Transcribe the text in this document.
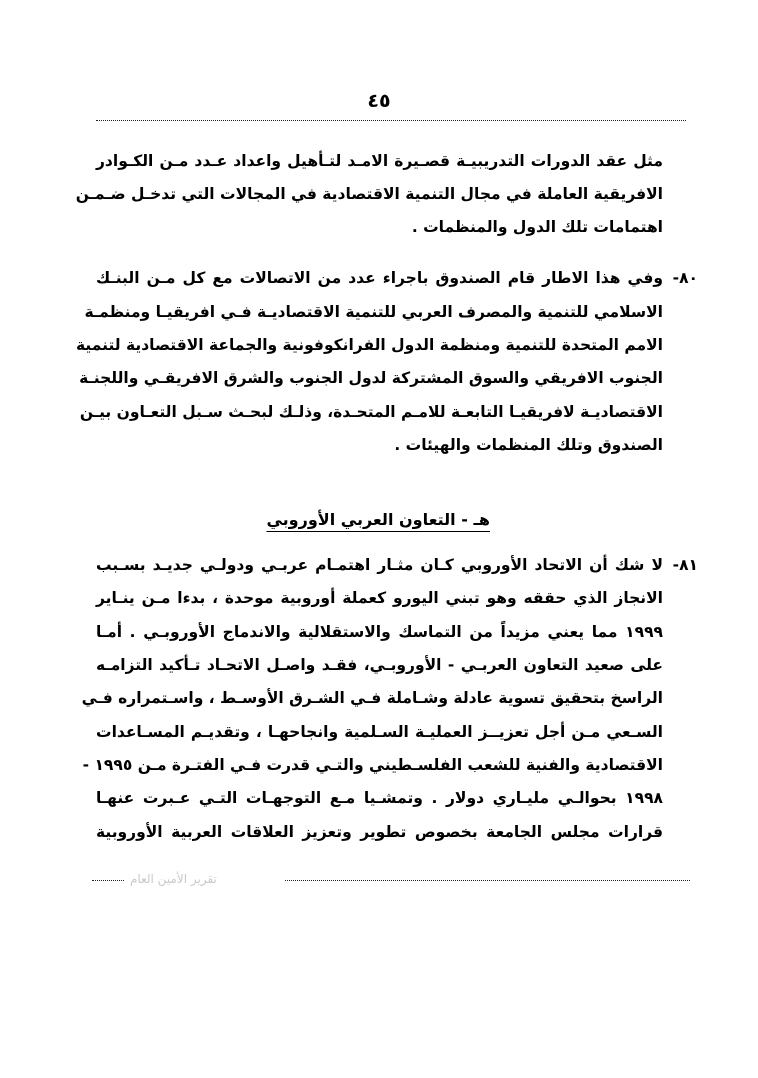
٤٥
مثل عقد الدورات التدريبيـة قصـيرة الامـد لتـأهيل واعداد عـدد مـن الكـوادر
الافريقية العاملة في مجال التنمية الاقتصادية في المجالات التي تدخـل ضـمـن
اهتمامات تلك الدول والمنظمات .
٨٠-
وفي هذا الاطار قام الصندوق باجراء عدد من الاتصالات مع كل مـن البنـك
الاسلامي للتنمية والمصرف العربي للتنمية الاقتصاديـة فـي افريقيـا ومنظمـة
الامم المتحدة للتنمية ومنظمة الدول الفرانكوفونية والجماعة الاقتصادية لتنمية
الجنوب الافريقي والسوق المشتركة لدول الجنوب والشرق الافريقـي واللجنـة
الاقتصاديـة لافريقيـا التابعـة للامـم المتحـدة، وذلـك لبحـث سـبل التعـاون بيـن
الصندوق وتلك المنظمات والهيئات .
هـ - التعاون العربي الأوروبي
٨١-
لا شك أن الاتحاد الأوروبي كـان مثـار اهتمـام عربـي ودولـي جديـد بسـبب
الانجاز الذي حققه وهو تبني اليورو كعملة أوروبية موحدة ، بدءا مـن ينـاير
١٩٩٩ مما يعني مزيداً من التماسك والاستقلالية والاندماج الأوروبـي . أمـا
على صعيد التعاون العربـي - الأوروبـي، فقـد واصـل الاتحـاد تـأكيد التزامـه
الراسخ بتحقيق تسوية عادلة وشـاملة فـي الشـرق الأوسـط ، واسـتمراره فـي
السـعي مـن أجل تعزيــز العمليـة السـلمية وانجاحهـا ، وتقديـم المسـاعدات
الاقتصادية والفنية للشعب الفلسـطيني والتـي قدرت فـي الفتـرة مـن ١٩٩٥ -
١٩٩٨ بحوالـي مليـاري دولار . وتمشـيا مـع التوجهـات التـي عـبرت عنهـا
قرارات مجلس الجامعة بخصوص تطوير وتعزيز العلاقات العربية الأوروبية
تقرير الأمين العام
